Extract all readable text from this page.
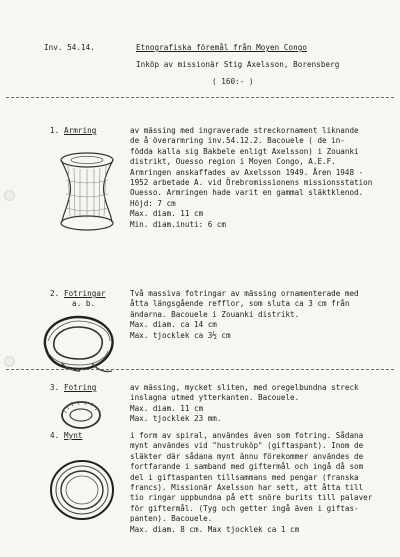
Inv. 54.14.	Etnografiska föremål från Moyen Congo
Inköp av missionär Stig Axelsson, Borensberg
( 160:- )
1. Armring	av mässing med ingraverade streckornament liknande
de å överarmring inv.54.12.2. Bacouele ( de in-
födda kalla sig Bakbele enligt Axelsson) i Zouanki
distrikt, Ouesso region i Moyen Congo, A.E.F.
Armringen anskaffades av Axelsson 1949. Åren 1948 -
1952 arbetade A. vid Örebromissionens missionsstation
Ouesso. Armringen hade varit en gammal släktklenod.
Höjd: 7 cm
Max. diam. 11 cm
Min. diam.inuti: 6 cm
2. Fotringar
a. b.
Två massiva fotringar av mässing ornamenterade med
åtta längsgående refflor, som sluta ca 3 cm från
ändarna. Bacouele i Zouanki distrikt.
Max. diam. ca 14 cm
Max. tjocklek ca 3½ cm
3. Fotring	av mässing, mycket sliten, med oregelbundna streck
inslagna utmed ytterkanten. Bacouele.
Max. diam. 11 cm
Max. tjocklek 23 mm.
4. Mynt	i form av spiral, användes även som fotring. Sådana
mynt användes vid "hustruköp" (giftaspant). Inom de
släkter där sådana mynt ännu förekommer användes de
fortfarande i samband med giftermål och ingå då som
del i giftaspanten tillsammans med pengar (franska
francs). Missionär Axelsson har sett, att åtta till
tio ringar uppbundna på ett snöre burits till palaver
för giftermål. (Tyg och getter ingå även i giftas-
panten). Bacouele.
Max. diam. 8 cm. Max tjocklek ca 1 cm
